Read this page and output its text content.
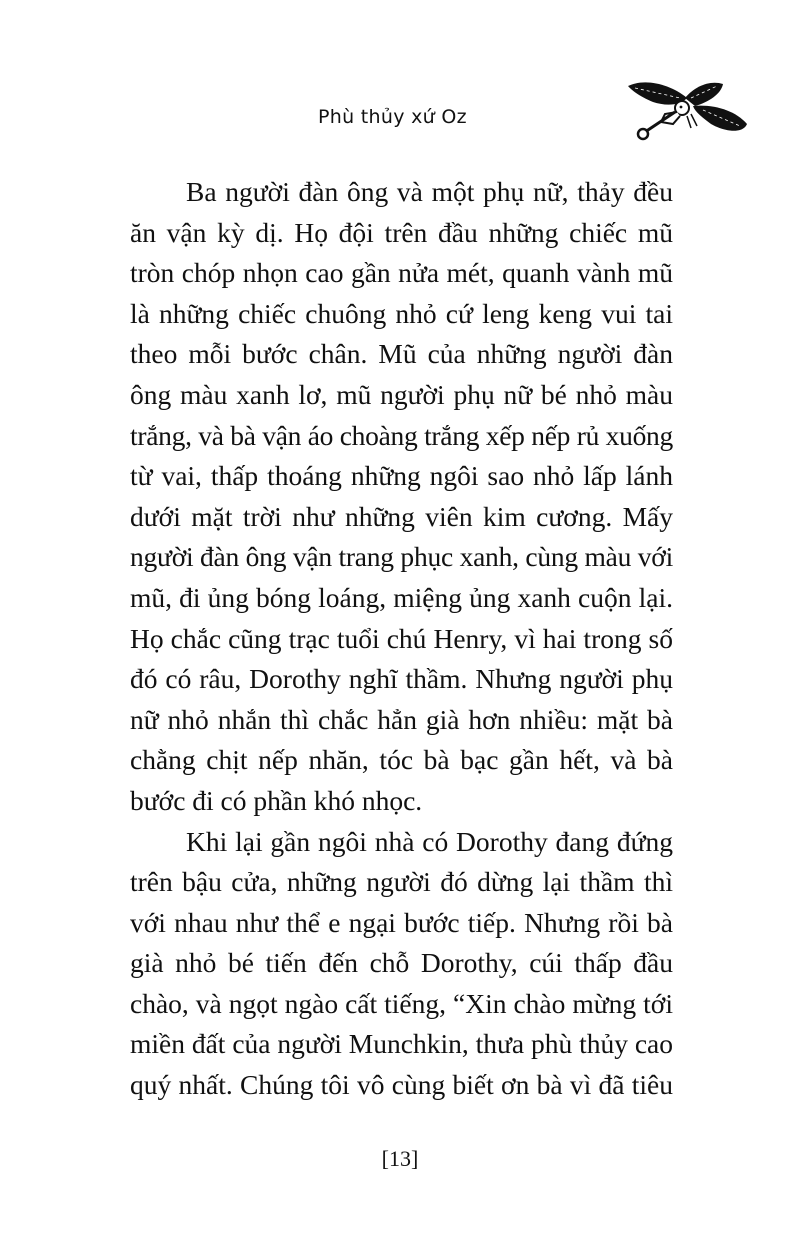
Phù thủy xứ Oz
Ba người đàn ông và một phụ nữ, thảy đều
ăn vận kỳ dị. Họ đội trên đầu những chiếc mũ
tròn chóp nhọn cao gần nửa mét, quanh vành mũ
là những chiếc chuông nhỏ cứ leng keng vui tai
theo mỗi bước chân. Mũ của những người đàn
ông màu xanh lơ, mũ người phụ nữ bé nhỏ màu
trắng, và bà vận áo choàng trắng xếp nếp rủ xuống
từ vai, thấp thoáng những ngôi sao nhỏ lấp lánh
dưới mặt trời như những viên kim cương. Mấy
người đàn ông vận trang phục xanh, cùng màu với
mũ, đi ủng bóng loáng, miệng ủng xanh cuộn lại.
Họ chắc cũng trạc tuổi chú Henry, vì hai trong số
đó có râu, Dorothy nghĩ thầm. Nhưng người phụ
nữ nhỏ nhắn thì chắc hẳn già hơn nhiều: mặt bà
chằng chịt nếp nhăn, tóc bà bạc gần hết, và bà
bước đi có phần khó nhọc.
Khi lại gần ngôi nhà có Dorothy đang đứng
trên bậu cửa, những người đó dừng lại thầm thì
với nhau như thể e ngại bước tiếp. Nhưng rồi bà
già nhỏ bé tiến đến chỗ Dorothy, cúi thấp đầu
chào, và ngọt ngào cất tiếng, “Xin chào mừng tới
miền đất của người Munchkin, thưa phù thủy cao
quý nhất. Chúng tôi vô cùng biết ơn bà vì đã tiêu
[13]
